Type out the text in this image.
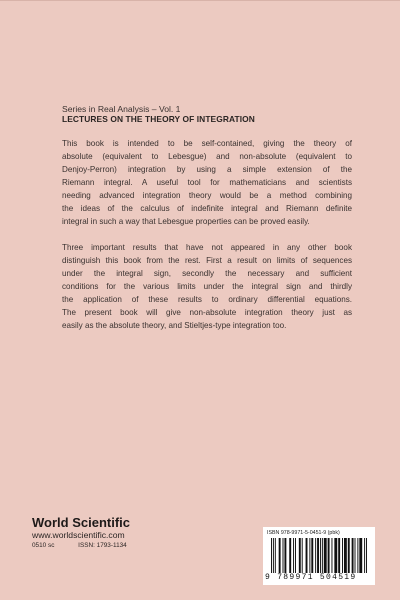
Series in Real Analysis – Vol. 1

LECTURES ON THE THEORY OF INTEGRATION

This book is intended to be self-contained, giving the theory of
absolute (equivalent to Lebesgue) and non-absolute (equivalent to
Denjoy-Perron) integration by using a simple extension of the
Riemann integral. A useful tool for mathematicians and scientists
needing advanced integration theory would be a method combining
the ideas of the calculus of indefinite integral and Riemann definite
integral in such a way that Lebesgue properties can be proved easily.

Three important results that have not appeared in any other book
distinguish this book from the rest. First a result on limits of sequences
under the integral sign, secondly the necessary and sufficient
conditions for the various limits under the integral sign and thirdly
the application of these results to ordinary differential equations.
The present book will give non-absolute integration theory just as
easily as the absolute theory, and Stieltjes-type integration too.

World Scientific

www.worldscientific.com

0510 sc	ISSN: 1793-1134

ISBN 978-9971-5-0451-9 (pbk)
9 789971 504519
